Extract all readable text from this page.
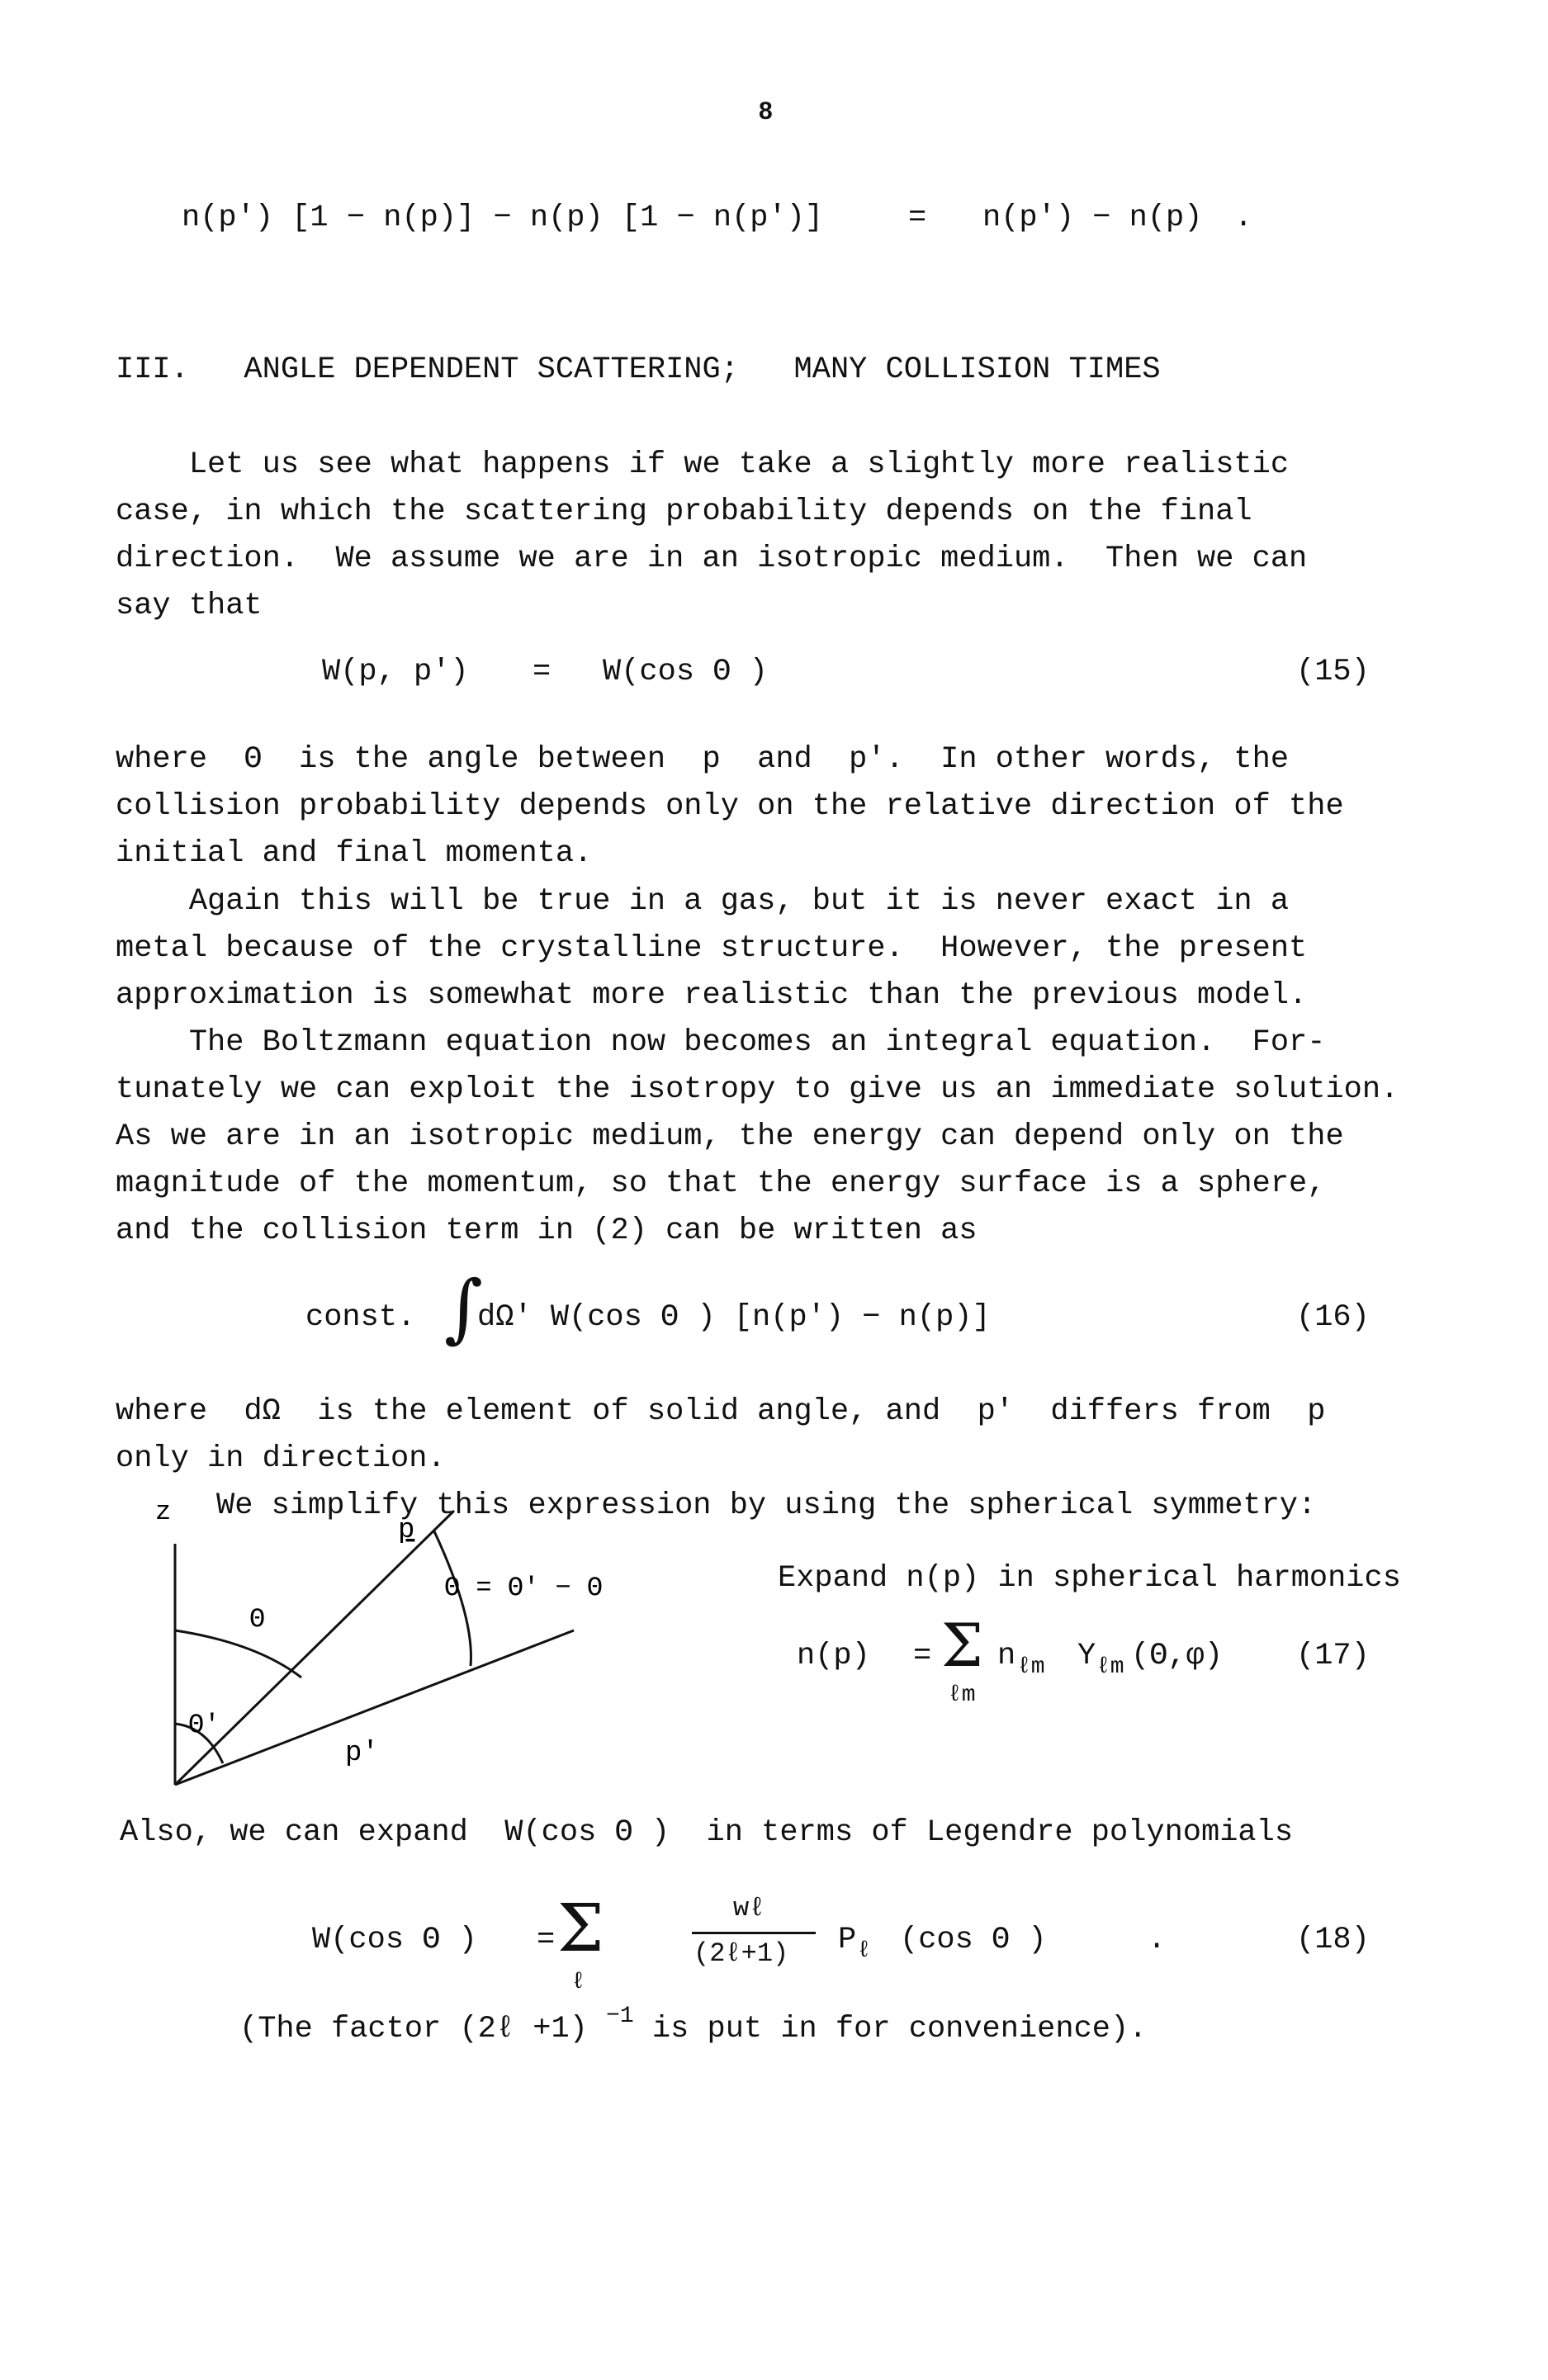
8
n(p′) [1 − n(p)] − n(p) [1 − n(p′)]	= n(p′) − n(p) .
III.   ANGLE DEPENDENT SCATTERING;   MANY COLLISION TIMES
Let us see what happens if we take a slightly more realistic
case, in which the scattering probability depends on the final
direction.  We assume we are in an isotropic medium.  Then we can
say that
W(p, p′) = W(cos Θ )	(15)
where  Θ  is the angle between  p  and  p′.  In other words, the
collision probability depends only on the relative direction of the
initial and final momenta.
Again this will be true in a gas, but it is never exact in a
metal because of the crystalline structure.  However, the present
approximation is somewhat more realistic than the previous model.
The Boltzmann equation now becomes an integral equation.  For-
tunately we can exploit the isotropy to give us an immediate solution.
As we are in an isotropic medium, the energy can depend only on the
magnitude of the momentum, so that the energy surface is a sphere,
and the collision term in (2) can be written as
const. ∫
dΩ′ W(cos Θ ) [n(p′) − n(p)]	(16)
where  dΩ  is the element of solid angle, and  p′  differs from  p
only in direction.
We simplify this expression by using the spherical symmetry:
z
p
Θ
Θ′
p′
Θ = Θ′ − Θ	Expand n(p) in spherical harmonics
n(p) = Σ
ℓm
n ℓm Y ℓm (Θ,φ) (17)
Also, we can expand  W(cos Θ )  in terms of Legendre polynomials
W(cos Θ ) = Σ
ℓ
wℓ
(2ℓ+1) P ℓ (cos Θ )	.	(18)
(The factor (2ℓ +1) $^{-1}$ is put in for convenience).
